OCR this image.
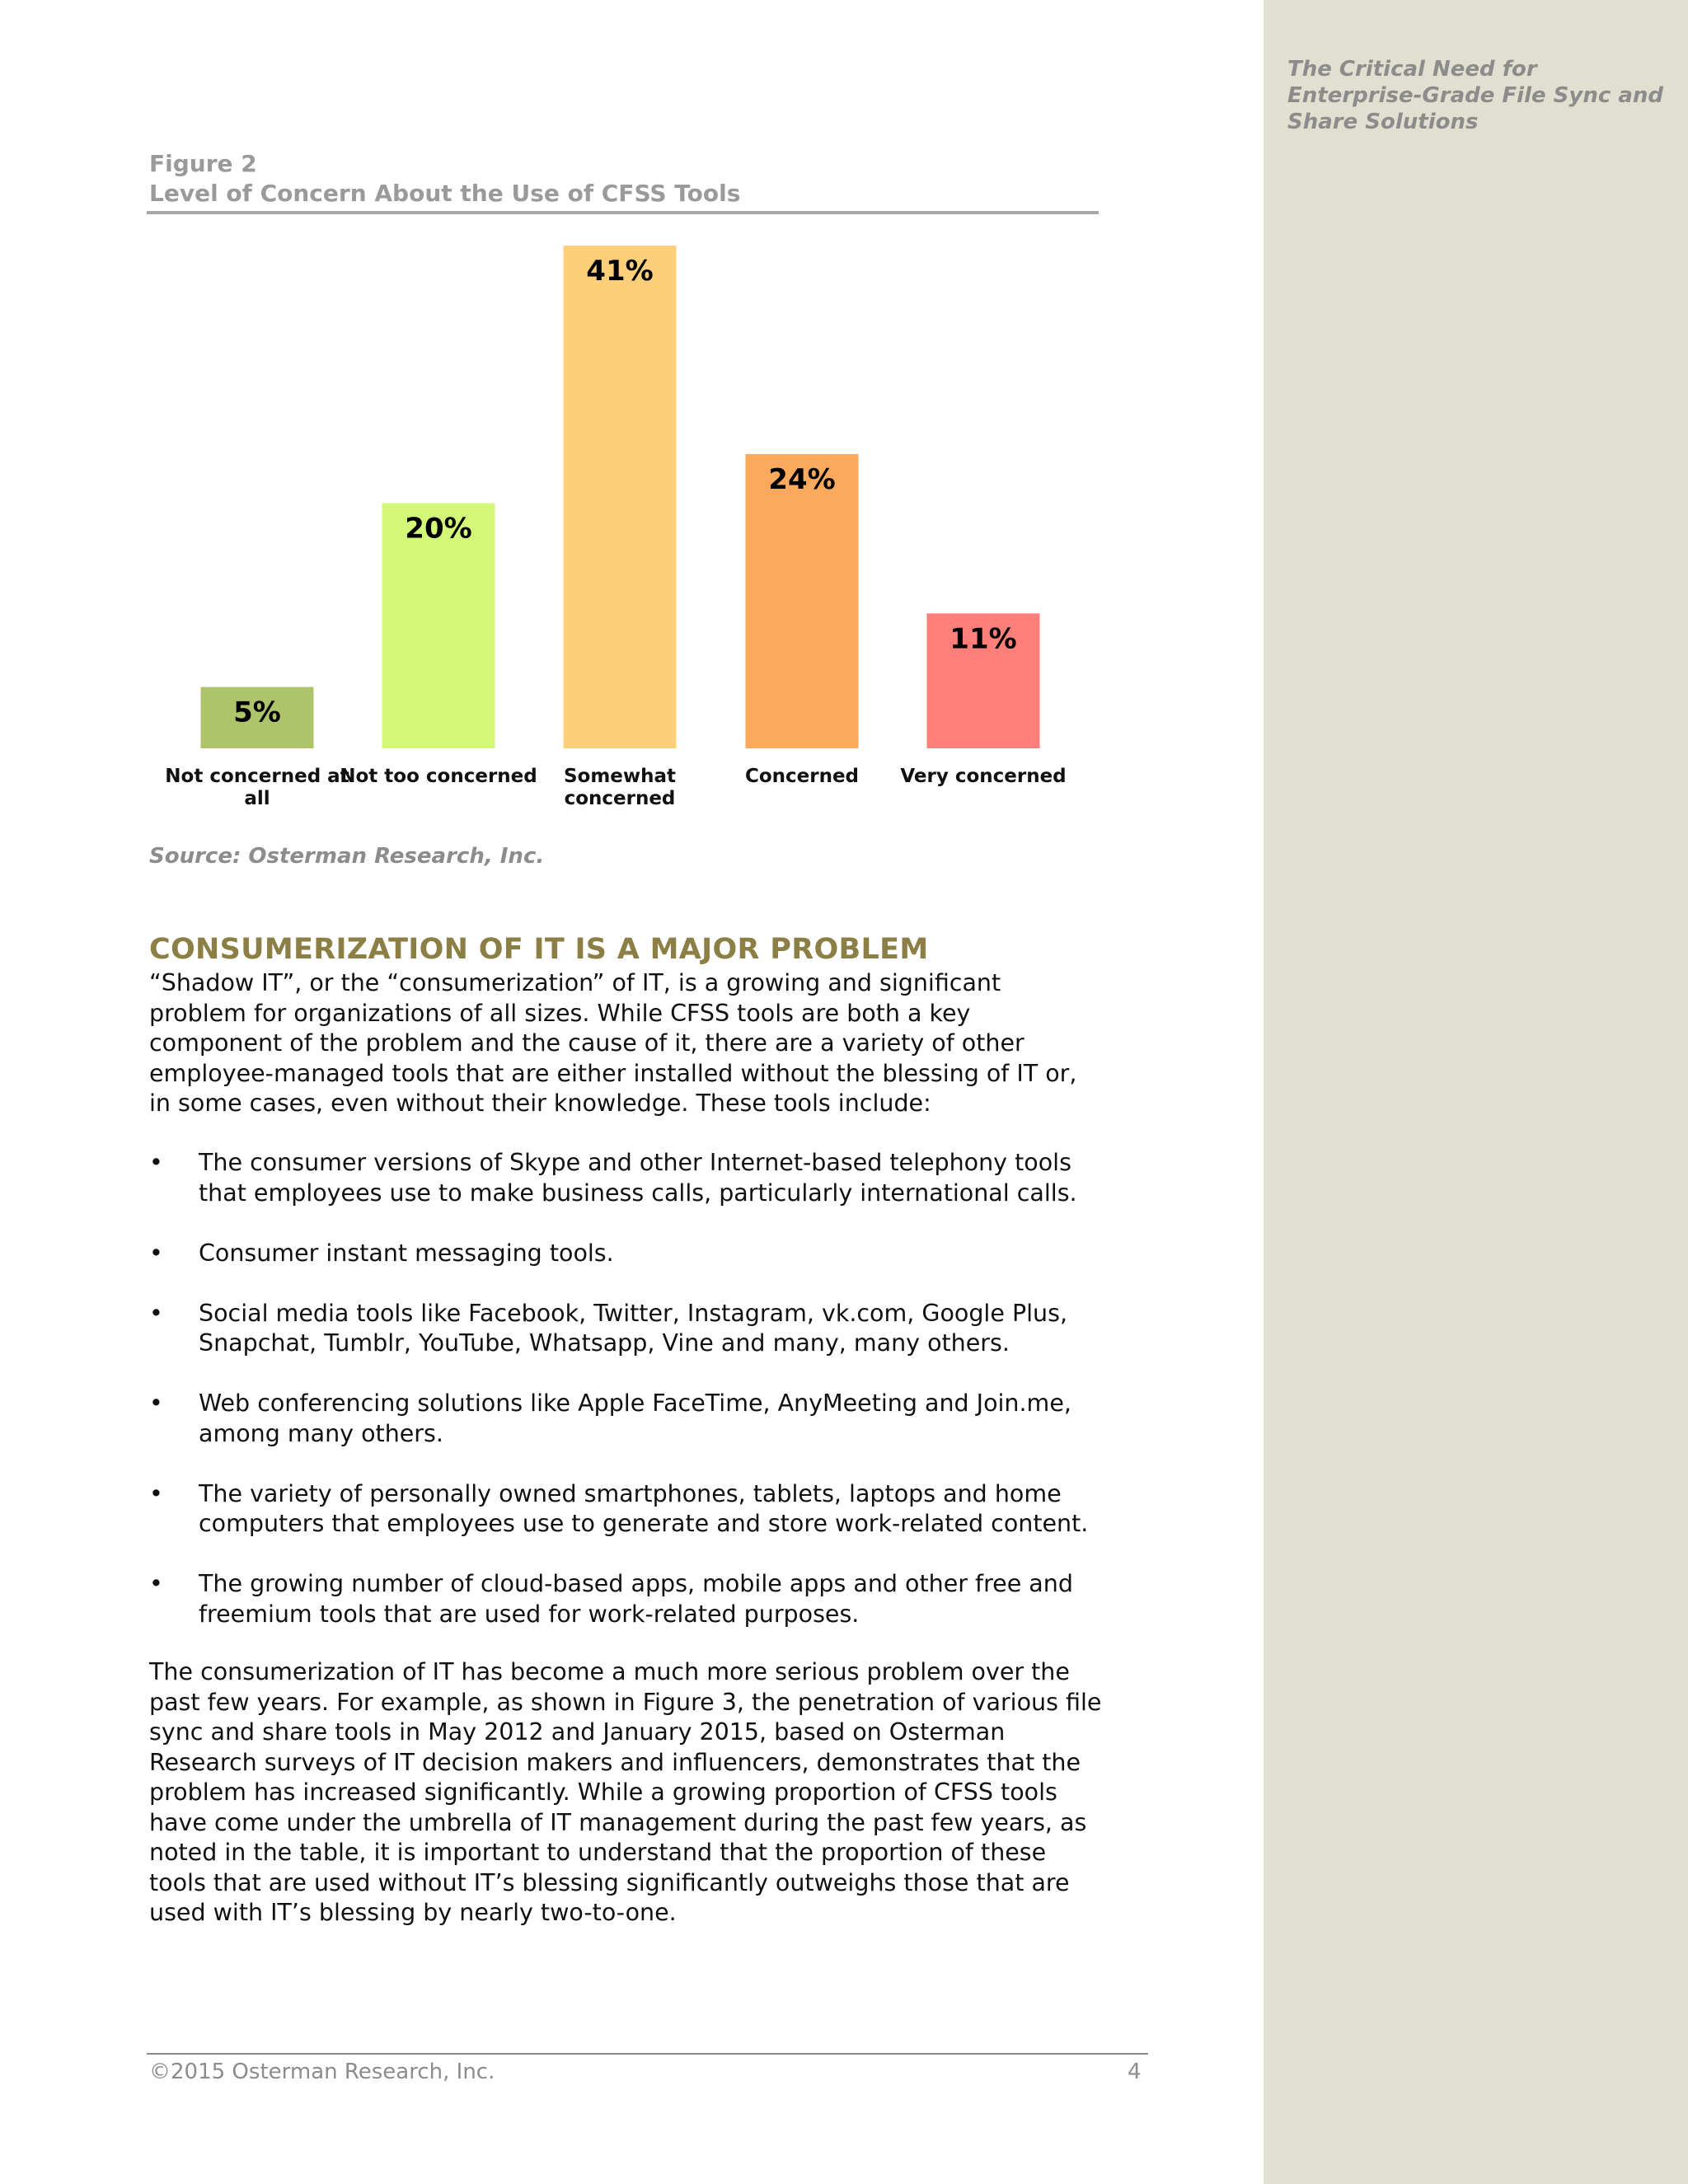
The Critical Need for Enterprise-Grade File Sync and Share Solutions
Figure 2
Level of Concern About the Use of CFSS Tools
5%
Not concerned at
all
20%
Not too concerned
41%
Somewhat
concerned
24%
Concerned
11%
Very concerned
Source: Osterman Research, Inc.
CONSUMERIZATION OF IT IS A MAJOR PROBLEM
“Shadow IT”, or the “consumerization” of IT, is a growing and significant problem for organizations of all sizes. While CFSS tools are both a key component of the problem and the cause of it, there are a variety of other employee-managed tools that are either installed without the blessing of IT or, in some cases, even without their knowledge. These tools include:
• The consumer versions of Skype and other Internet-based telephony tools that employees use to make business calls, particularly international calls.
• Consumer instant messaging tools.
• Social media tools like Facebook, Twitter, Instagram, vk.com, Google Plus, Snapchat, Tumblr, YouTube, Whatsapp, Vine and many, many others.
• Web conferencing solutions like Apple FaceTime, AnyMeeting and Join.me, among many others.
• The variety of personally owned smartphones, tablets, laptops and home computers that employees use to generate and store work-related content.
• The growing number of cloud-based apps, mobile apps and other free and freemium tools that are used for work-related purposes.
The consumerization of IT has become a much more serious problem over the past few years. For example, as shown in Figure 3, the penetration of various file sync and share tools in May 2012 and January 2015, based on Osterman Research surveys of IT decision makers and influencers, demonstrates that the problem has increased significantly. While a growing proportion of CFSS tools have come under the umbrella of IT management during the past few years, as noted in the table, it is important to understand that the proportion of these tools that are used without IT’s blessing significantly outweighs those that are used with IT’s blessing by nearly two-to-one.
©2015 Osterman Research, Inc.	4
